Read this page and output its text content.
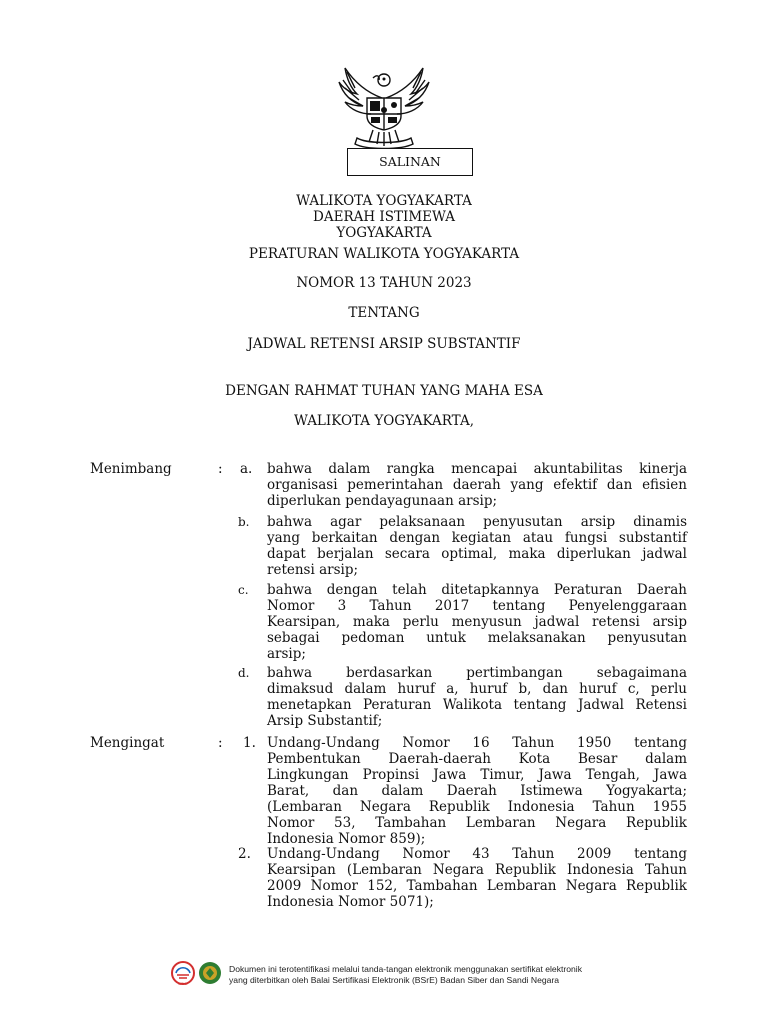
SALINAN
WALIKOTA YOGYAKARTA
DAERAH ISTIMEWA
YOGYAKARTA
PERATURAN WALIKOTA YOGYAKARTA
NOMOR 13 TAHUN 2023
TENTANG
JADWAL RETENSI ARSIP SUBSTANTIF
DENGAN RAHMAT TUHAN YANG MAHA ESA
WALIKOTA YOGYAKARTA,
Menimbang	: a. bahwa dalam rangka mencapai akuntabilitas kinerja
organisasi pemerintahan daerah yang efektif dan efisien
diperlukan pendayagunaan arsip;
b. bahwa agar pelaksanaan penyusutan arsip dinamis
yang berkaitan dengan kegiatan atau fungsi substantif
dapat berjalan secara optimal, maka diperlukan jadwal
retensi arsip;
c. bahwa dengan telah ditetapkannya Peraturan Daerah
Nomor 3 Tahun 2017 tentang Penyelenggaraan
Kearsipan, maka perlu menyusun jadwal retensi arsip
sebagai pedoman untuk melaksanakan penyusutan
arsip;
d. bahwa berdasarkan pertimbangan sebagaimana
dimaksud dalam huruf a, huruf b, dan huruf c, perlu
menetapkan Peraturan Walikota tentang Jadwal Retensi
Arsip Substantif;
Mengingat	: 1. Undang-Undang Nomor 16 Tahun 1950 tentang
Pembentukan Daerah-daerah Kota Besar dalam
Lingkungan Propinsi Jawa Timur, Jawa Tengah, Jawa
Barat, dan dalam Daerah Istimewa Yogyakarta;
(Lembaran Negara Republik Indonesia Tahun 1955
Nomor 53, Tambahan Lembaran Negara Republik
Indonesia Nomor 859);
2. Undang-Undang Nomor 43 Tahun 2009 tentang
Kearsipan (Lembaran Negara Republik Indonesia Tahun
2009 Nomor 152, Tambahan Lembaran Negara Republik
Indonesia Nomor 5071);
BSrE
Dokumen ini terotentifikasi melalui tanda-tangan elektronik menggunakan sertifikat elektronik
yang diterbitkan oleh Balai Sertifikasi Elektronik (BSrE) Badan Siber dan Sandi Negara
